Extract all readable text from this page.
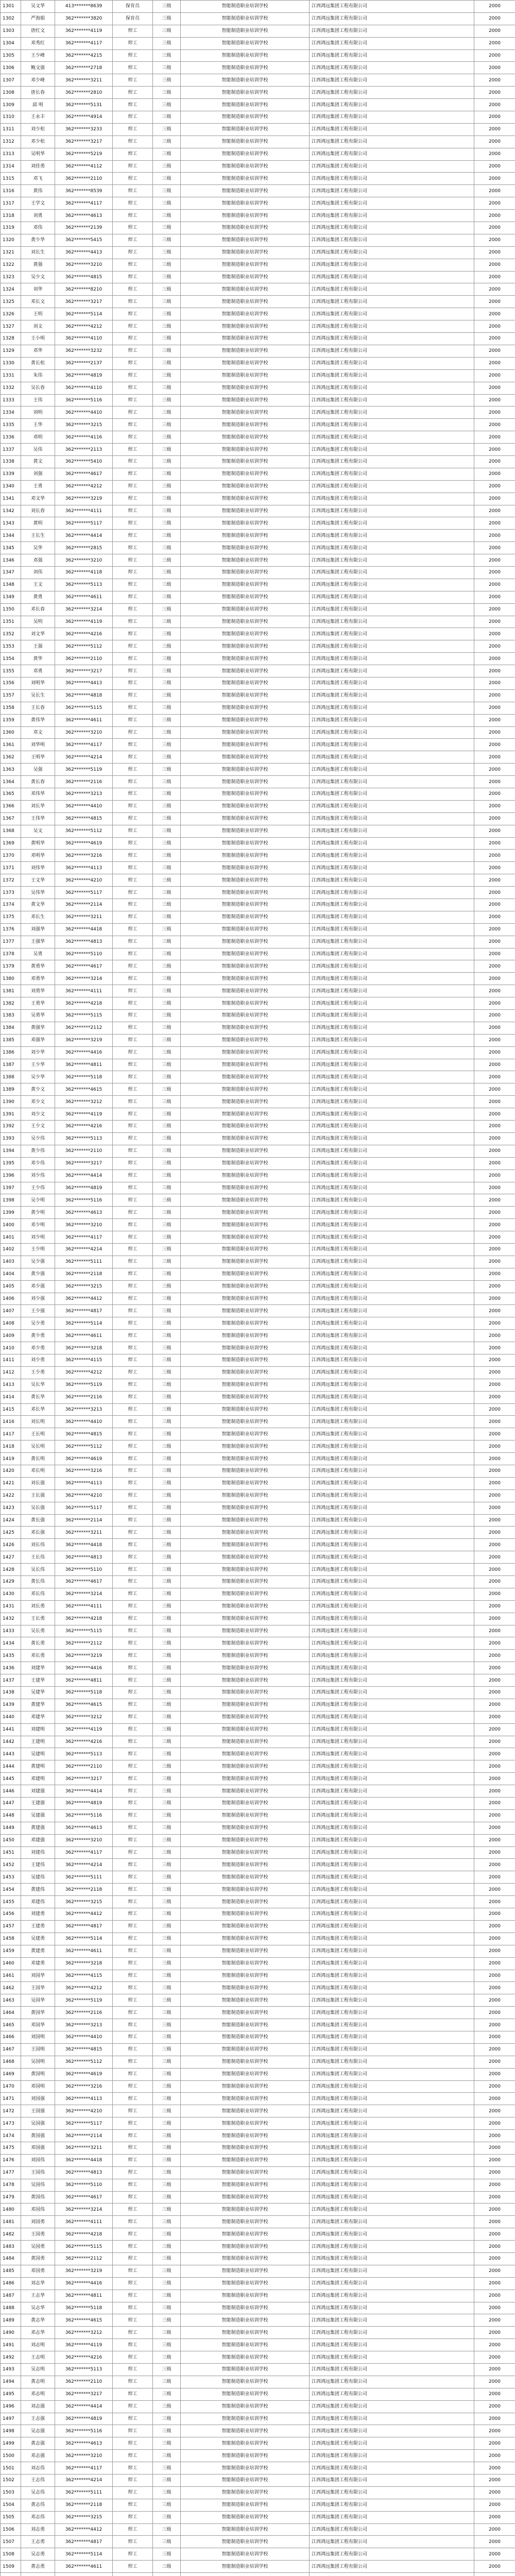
1301	吴文华	413*******8639	保育员	三级	智能制造职业培训学校	江西鸿远集团工程有限公司	2000
1302	严海娟	362*******3820	保育员	三级	智能制造职业培训学校	江西鸿远集团工程有限公司	2000
1303	唐红文	362*******4119	焊工	三级	智能制造职业培训学校	江西鸿远集团工程有限公司	2000
1304	邓秀红	362*******4117	焊工	三级	智能制造职业培训学校	江西鸿远集团工程有限公司	2000
1305	王少峰	362*******4215	焊工	三级	智能制造职业培训学校	江西鸿远集团工程有限公司	2000
1306	鲍文强	362*******2718	焊工	三级	智能制造职业培训学校	江西鸿远集团工程有限公司	2000
1307	邓少峰	362*******3211	焊工	三级	智能制造职业培训学校	江西鸿远集团工程有限公司	2000
1308	唐长春	362*******2810	焊工	三级	智能制造职业培训学校	江西鸿远集团工程有限公司	2000
1309	邱 明	362*******5131	焊工	三级	智能制造职业培训学校	江西鸿远集团工程有限公司	2000
1310	王永丰	362*******4914	焊工	三级	智能制造职业培训学校	江西鸿远集团工程有限公司	2000
1311	刘少松	362*******3233	焊工	三级	智能制造职业培训学校	江西鸿远集团工程有限公司	2000
1312	邓少松	362*******3217	焊工	三级	智能制造职业培训学校	江西鸿远集团工程有限公司	2000
1313	吴明华	362*******5219	焊工	三级	智能制造职业培训学校	江西鸿远集团工程有限公司	2000
1314	刘佳勇	362*******4112	焊工	三级	智能制造职业培训学校	江西鸿远集团工程有限公司	2000
1315	邓飞	362*******2110	焊工	三级	智能制造职业培训学校	江西鸿远集团工程有限公司	2000
1316	黄伟	362*******8539	焊工	三级	智能制造职业培训学校	江西鸿远集团工程有限公司	2000
1317	王学文	362*******4117	焊工	三级	智能制造职业培训学校	江西鸿远集团工程有限公司	2000
1318	刘勇	362*******4613	焊工	三级	智能制造职业培训学校	江西鸿远集团工程有限公司	2000
1319	邓伟	362*******2139	焊工	三级	智能制造职业培训学校	江西鸿远集团工程有限公司	2000
1320	黄少华	362*******5415	焊工	三级	智能制造职业培训学校	江西鸿远集团工程有限公司	2000
1321	刘长生	362*******4413	焊工	三级	智能制造职业培训学校	江西鸿远集团工程有限公司	2000
1322	黄强	362*******3210	焊工	三级	智能制造职业培训学校	江西鸿远集团工程有限公司	2000
1323	吴少文	362*******4815	焊工	三级	智能制造职业培训学校	江西鸿远集团工程有限公司	2000
1324	刘华	362*******8210	焊工	三级	智能制造职业培训学校	江西鸿远集团工程有限公司	2000
1325	邓长文	362*******3217	焊工	三级	智能制造职业培训学校	江西鸿远集团工程有限公司	2000
1326	王明	362*******5114	焊工	三级	智能制造职业培训学校	江西鸿远集团工程有限公司	2000
1327	刘文	362*******4212	焊工	三级	智能制造职业培训学校	江西鸿远集团工程有限公司	2000
1328	王小明	362*******4110	焊工	三级	智能制造职业培训学校	江西鸿远集团工程有限公司	2000
1329	邓华	362*******3232	焊工	三级	智能制造职业培训学校	江西鸿远集团工程有限公司	2000
1330	黄长松	362*******2137	焊工	三级	智能制造职业培训学校	江西鸿远集团工程有限公司	2000
1331	朱伟	362*******4819	焊工	三级	智能制造职业培训学校	江西鸿远集团工程有限公司	2000
1332	吴长春	362*******4110	焊工	三级	智能制造职业培训学校	江西鸿远集团工程有限公司	2000
1333	王伟	362*******5116	焊工	三级	智能制造职业培训学校	江西鸿远集团工程有限公司	2000
1334	刘明	362*******4410	焊工	三级	智能制造职业培训学校	江西鸿远集团工程有限公司	2000
1335	王华	362*******3215	焊工	三级	智能制造职业培训学校	江西鸿远集团工程有限公司	2000
1336	邓明	362*******4116	焊工	三级	智能制造职业培训学校	江西鸿远集团工程有限公司	2000
1337	吴伟	362*******2113	焊工	三级	智能制造职业培训学校	江西鸿远集团工程有限公司	2000
1338	黄文	362*******5410	焊工	三级	智能制造职业培训学校	江西鸿远集团工程有限公司	2000
1339	刘强	362*******4617	焊工	三级	智能制造职业培训学校	江西鸿远集团工程有限公司	2000
1340	王勇	362*******4212	焊工	三级	智能制造职业培训学校	江西鸿远集团工程有限公司	2000
1341	邓文华	362*******3219	焊工	三级	智能制造职业培训学校	江西鸿远集团工程有限公司	2000
1342	刘长春	362*******4111	焊工	三级	智能制造职业培训学校	江西鸿远集团工程有限公司	2000
1343	黄明	362*******5117	焊工	三级	智能制造职业培训学校	江西鸿远集团工程有限公司	2000
1344	王长生	362*******4414	焊工	三级	智能制造职业培训学校	江西鸿远集团工程有限公司	2000
1345	吴华	362*******2815	焊工	三级	智能制造职业培训学校	江西鸿远集团工程有限公司	2000
1346	邓强	362*******3210	焊工	三级	智能制造职业培训学校	江西鸿远集团工程有限公司	2000
1347	刘伟	362*******4118	焊工	三级	智能制造职业培训学校	江西鸿远集团工程有限公司	2000
1348	王文	362*******5113	焊工	三级	智能制造职业培训学校	江西鸿远集团工程有限公司	2000
1349	黄勇	362*******4611	焊工	三级	智能制造职业培训学校	江西鸿远集团工程有限公司	2000
1350	邓长春	362*******3214	焊工	三级	智能制造职业培训学校	江西鸿远集团工程有限公司	2000
1351	吴明	362*******4119	焊工	三级	智能制造职业培训学校	江西鸿远集团工程有限公司	2000
1352	刘文华	362*******4216	焊工	三级	智能制造职业培训学校	江西鸿远集团工程有限公司	2000
1353	王强	362*******5112	焊工	三级	智能制造职业培训学校	江西鸿远集团工程有限公司	2000
1354	黄华	362*******2110	焊工	三级	智能制造职业培训学校	江西鸿远集团工程有限公司	2000
1355	邓勇	362*******3217	焊工	三级	智能制造职业培训学校	江西鸿远集团工程有限公司	2000
1356	刘明华	362*******4413	焊工	三级	智能制造职业培训学校	江西鸿远集团工程有限公司	2000
1357	吴长生	362*******4818	焊工	三级	智能制造职业培训学校	江西鸿远集团工程有限公司	2000
1358	王长春	362*******5115	焊工	三级	智能制造职业培训学校	江西鸿远集团工程有限公司	2000
1359	黄伟华	362*******4611	焊工	三级	智能制造职业培训学校	江西鸿远集团工程有限公司	2000
1360	邓文	362*******3210	焊工	三级	智能制造职业培训学校	江西鸿远集团工程有限公司	2000
1361	刘华明	362*******4117	焊工	三级	智能制造职业培训学校	江西鸿远集团工程有限公司	2000
1362	王明华	362*******4214	焊工	三级	智能制造职业培训学校	江西鸿远集团工程有限公司	2000
1363	吴强	362*******5119	焊工	三级	智能制造职业培训学校	江西鸿远集团工程有限公司	2000
1364	黄长春	362*******2116	焊工	三级	智能制造职业培训学校	江西鸿远集团工程有限公司	2000
1365	邓伟华	362*******3213	焊工	三级	智能制造职业培训学校	江西鸿远集团工程有限公司	2000
1366	刘长华	362*******4410	焊工	三级	智能制造职业培训学校	江西鸿远集团工程有限公司	2000
1367	王伟华	362*******4815	焊工	三级	智能制造职业培训学校	江西鸿远集团工程有限公司	2000
1368	吴文	362*******5112	焊工	三级	智能制造职业培训学校	江西鸿远集团工程有限公司	2000
1369	黄明华	362*******4619	焊工	三级	智能制造职业培训学校	江西鸿远集团工程有限公司	2000
1370	邓明华	362*******3216	焊工	三级	智能制造职业培训学校	江西鸿远集团工程有限公司	2000
1371	刘伟华	362*******4113	焊工	三级	智能制造职业培训学校	江西鸿远集团工程有限公司	2000
1372	王文华	362*******4210	焊工	三级	智能制造职业培训学校	江西鸿远集团工程有限公司	2000
1373	吴伟华	362*******5117	焊工	三级	智能制造职业培训学校	江西鸿远集团工程有限公司	2000
1374	黄文华	362*******2114	焊工	三级	智能制造职业培训学校	江西鸿远集团工程有限公司	2000
1375	邓长生	362*******3211	焊工	三级	智能制造职业培训学校	江西鸿远集团工程有限公司	2000
1376	刘强华	362*******4418	焊工	三级	智能制造职业培训学校	江西鸿远集团工程有限公司	2000
1377	王强华	362*******4813	焊工	三级	智能制造职业培训学校	江西鸿远集团工程有限公司	2000
1378	吴勇	362*******5110	焊工	三级	智能制造职业培训学校	江西鸿远集团工程有限公司	2000
1379	黄勇华	362*******4617	焊工	三级	智能制造职业培训学校	江西鸿远集团工程有限公司	2000
1380	邓勇华	362*******3214	焊工	三级	智能制造职业培训学校	江西鸿远集团工程有限公司	2000
1381	刘勇华	362*******4111	焊工	三级	智能制造职业培训学校	江西鸿远集团工程有限公司	2000
1382	王勇华	362*******4218	焊工	三级	智能制造职业培训学校	江西鸿远集团工程有限公司	2000
1383	吴勇华	362*******5115	焊工	三级	智能制造职业培训学校	江西鸿远集团工程有限公司	2000
1384	黄强华	362*******2112	焊工	三级	智能制造职业培训学校	江西鸿远集团工程有限公司	2000
1385	邓强华	362*******3219	焊工	三级	智能制造职业培训学校	江西鸿远集团工程有限公司	2000
1386	刘少华	362*******4416	焊工	三级	智能制造职业培训学校	江西鸿远集团工程有限公司	2000
1387	王少华	362*******4811	焊工	三级	智能制造职业培训学校	江西鸿远集团工程有限公司	2000
1388	吴少华	362*******5118	焊工	三级	智能制造职业培训学校	江西鸿远集团工程有限公司	2000
1389	黄少文	362*******4615	焊工	三级	智能制造职业培训学校	江西鸿远集团工程有限公司	2000
1390	邓少文	362*******3212	焊工	三级	智能制造职业培训学校	江西鸿远集团工程有限公司	2000
1391	刘少文	362*******4119	焊工	三级	智能制造职业培训学校	江西鸿远集团工程有限公司	2000
1392	王少文	362*******4216	焊工	三级	智能制造职业培训学校	江西鸿远集团工程有限公司	2000
1393	吴少伟	362*******5113	焊工	三级	智能制造职业培训学校	江西鸿远集团工程有限公司	2000
1394	黄少伟	362*******2110	焊工	三级	智能制造职业培训学校	江西鸿远集团工程有限公司	2000
1395	邓少伟	362*******3217	焊工	三级	智能制造职业培训学校	江西鸿远集团工程有限公司	2000
1396	刘少伟	362*******4414	焊工	三级	智能制造职业培训学校	江西鸿远集团工程有限公司	2000
1397	王少伟	362*******4819	焊工	三级	智能制造职业培训学校	江西鸿远集团工程有限公司	2000
1398	吴少明	362*******5116	焊工	三级	智能制造职业培训学校	江西鸿远集团工程有限公司	2000
1399	黄少明	362*******4613	焊工	三级	智能制造职业培训学校	江西鸿远集团工程有限公司	2000
1400	邓少明	362*******3210	焊工	三级	智能制造职业培训学校	江西鸿远集团工程有限公司	2000
1401	刘少明	362*******4117	焊工	三级	智能制造职业培训学校	江西鸿远集团工程有限公司	2000
1402	王少明	362*******4214	焊工	三级	智能制造职业培训学校	江西鸿远集团工程有限公司	2000
1403	吴少强	362*******5111	焊工	三级	智能制造职业培训学校	江西鸿远集团工程有限公司	2000
1404	黄少强	362*******2118	焊工	三级	智能制造职业培训学校	江西鸿远集团工程有限公司	2000
1405	邓少强	362*******3215	焊工	三级	智能制造职业培训学校	江西鸿远集团工程有限公司	2000
1406	刘少强	362*******4412	焊工	三级	智能制造职业培训学校	江西鸿远集团工程有限公司	2000
1407	王少强	362*******4817	焊工	三级	智能制造职业培训学校	江西鸿远集团工程有限公司	2000
1408	吴少勇	362*******5114	焊工	三级	智能制造职业培训学校	江西鸿远集团工程有限公司	2000
1409	黄少勇	362*******4611	焊工	三级	智能制造职业培训学校	江西鸿远集团工程有限公司	2000
1410	邓少勇	362*******3218	焊工	三级	智能制造职业培训学校	江西鸿远集团工程有限公司	2000
1411	刘少勇	362*******4115	焊工	三级	智能制造职业培训学校	江西鸿远集团工程有限公司	2000
1412	王少勇	362*******4212	焊工	三级	智能制造职业培训学校	江西鸿远集团工程有限公司	2000
1413	吴长华	362*******5119	焊工	三级	智能制造职业培训学校	江西鸿远集团工程有限公司	2000
1414	黄长华	362*******2116	焊工	三级	智能制造职业培训学校	江西鸿远集团工程有限公司	2000
1415	邓长华	362*******3213	焊工	三级	智能制造职业培训学校	江西鸿远集团工程有限公司	2000
1416	刘长明	362*******4410	焊工	三级	智能制造职业培训学校	江西鸿远集团工程有限公司	2000
1417	王长明	362*******4815	焊工	三级	智能制造职业培训学校	江西鸿远集团工程有限公司	2000
1418	吴长明	362*******5112	焊工	三级	智能制造职业培训学校	江西鸿远集团工程有限公司	2000
1419	黄长明	362*******4619	焊工	三级	智能制造职业培训学校	江西鸿远集团工程有限公司	2000
1420	邓长明	362*******3216	焊工	三级	智能制造职业培训学校	江西鸿远集团工程有限公司	2000
1421	刘长强	362*******4113	焊工	三级	智能制造职业培训学校	江西鸿远集团工程有限公司	2000
1422	王长强	362*******4210	焊工	三级	智能制造职业培训学校	江西鸿远集团工程有限公司	2000
1423	吴长强	362*******5117	焊工	三级	智能制造职业培训学校	江西鸿远集团工程有限公司	2000
1424	黄长强	362*******2114	焊工	三级	智能制造职业培训学校	江西鸿远集团工程有限公司	2000
1425	邓长强	362*******3211	焊工	三级	智能制造职业培训学校	江西鸿远集团工程有限公司	2000
1426	刘长伟	362*******4418	焊工	三级	智能制造职业培训学校	江西鸿远集团工程有限公司	2000
1427	王长伟	362*******4813	焊工	三级	智能制造职业培训学校	江西鸿远集团工程有限公司	2000
1428	吴长伟	362*******5110	焊工	三级	智能制造职业培训学校	江西鸿远集团工程有限公司	2000
1429	黄长伟	362*******4617	焊工	三级	智能制造职业培训学校	江西鸿远集团工程有限公司	2000
1430	邓长伟	362*******3214	焊工	三级	智能制造职业培训学校	江西鸿远集团工程有限公司	2000
1431	刘长勇	362*******4111	焊工	三级	智能制造职业培训学校	江西鸿远集团工程有限公司	2000
1432	王长勇	362*******4218	焊工	三级	智能制造职业培训学校	江西鸿远集团工程有限公司	2000
1433	吴长勇	362*******5115	焊工	三级	智能制造职业培训学校	江西鸿远集团工程有限公司	2000
1434	黄长勇	362*******2112	焊工	三级	智能制造职业培训学校	江西鸿远集团工程有限公司	2000
1435	邓长勇	362*******3219	焊工	三级	智能制造职业培训学校	江西鸿远集团工程有限公司	2000
1436	刘建华	362*******4416	焊工	三级	智能制造职业培训学校	江西鸿远集团工程有限公司	2000
1437	王建华	362*******4811	焊工	三级	智能制造职业培训学校	江西鸿远集团工程有限公司	2000
1438	吴建华	362*******5118	焊工	三级	智能制造职业培训学校	江西鸿远集团工程有限公司	2000
1439	黄建华	362*******4615	焊工	三级	智能制造职业培训学校	江西鸿远集团工程有限公司	2000
1440	邓建华	362*******3212	焊工	三级	智能制造职业培训学校	江西鸿远集团工程有限公司	2000
1441	刘建明	362*******4119	焊工	三级	智能制造职业培训学校	江西鸿远集团工程有限公司	2000
1442	王建明	362*******4216	焊工	三级	智能制造职业培训学校	江西鸿远集团工程有限公司	2000
1443	吴建明	362*******5113	焊工	三级	智能制造职业培训学校	江西鸿远集团工程有限公司	2000
1444	黄建明	362*******2110	焊工	三级	智能制造职业培训学校	江西鸿远集团工程有限公司	2000
1445	邓建明	362*******3217	焊工	三级	智能制造职业培训学校	江西鸿远集团工程有限公司	2000
1446	刘建强	362*******4414	焊工	三级	智能制造职业培训学校	江西鸿远集团工程有限公司	2000
1447	王建强	362*******4819	焊工	三级	智能制造职业培训学校	江西鸿远集团工程有限公司	2000
1448	吴建强	362*******5116	焊工	三级	智能制造职业培训学校	江西鸿远集团工程有限公司	2000
1449	黄建强	362*******4613	焊工	三级	智能制造职业培训学校	江西鸿远集团工程有限公司	2000
1450	邓建强	362*******3210	焊工	三级	智能制造职业培训学校	江西鸿远集团工程有限公司	2000
1451	刘建伟	362*******4117	焊工	三级	智能制造职业培训学校	江西鸿远集团工程有限公司	2000
1452	王建伟	362*******4214	焊工	三级	智能制造职业培训学校	江西鸿远集团工程有限公司	2000
1453	吴建伟	362*******5111	焊工	三级	智能制造职业培训学校	江西鸿远集团工程有限公司	2000
1454	黄建伟	362*******2118	焊工	三级	智能制造职业培训学校	江西鸿远集团工程有限公司	2000
1455	邓建伟	362*******3215	焊工	三级	智能制造职业培训学校	江西鸿远集团工程有限公司	2000
1456	刘建勇	362*******4412	焊工	三级	智能制造职业培训学校	江西鸿远集团工程有限公司	2000
1457	王建勇	362*******4817	焊工	三级	智能制造职业培训学校	江西鸿远集团工程有限公司	2000
1458	吴建勇	362*******5114	焊工	三级	智能制造职业培训学校	江西鸿远集团工程有限公司	2000
1459	黄建勇	362*******4611	焊工	三级	智能制造职业培训学校	江西鸿远集团工程有限公司	2000
1460	邓建勇	362*******3218	焊工	三级	智能制造职业培训学校	江西鸿远集团工程有限公司	2000
1461	刘国华	362*******4115	焊工	三级	智能制造职业培训学校	江西鸿远集团工程有限公司	2000
1462	王国华	362*******4212	焊工	三级	智能制造职业培训学校	江西鸿远集团工程有限公司	2000
1463	吴国华	362*******5119	焊工	三级	智能制造职业培训学校	江西鸿远集团工程有限公司	2000
1464	黄国华	362*******2116	焊工	三级	智能制造职业培训学校	江西鸿远集团工程有限公司	2000
1465	邓国华	362*******3213	焊工	三级	智能制造职业培训学校	江西鸿远集团工程有限公司	2000
1466	刘国明	362*******4410	焊工	三级	智能制造职业培训学校	江西鸿远集团工程有限公司	2000
1467	王国明	362*******4815	焊工	三级	智能制造职业培训学校	江西鸿远集团工程有限公司	2000
1468	吴国明	362*******5112	焊工	三级	智能制造职业培训学校	江西鸿远集团工程有限公司	2000
1469	黄国明	362*******4619	焊工	三级	智能制造职业培训学校	江西鸿远集团工程有限公司	2000
1470	邓国明	362*******3216	焊工	三级	智能制造职业培训学校	江西鸿远集团工程有限公司	2000
1471	刘国强	362*******4113	焊工	三级	智能制造职业培训学校	江西鸿远集团工程有限公司	2000
1472	王国强	362*******4210	焊工	三级	智能制造职业培训学校	江西鸿远集团工程有限公司	2000
1473	吴国强	362*******5117	焊工	三级	智能制造职业培训学校	江西鸿远集团工程有限公司	2000
1474	黄国强	362*******2114	焊工	三级	智能制造职业培训学校	江西鸿远集团工程有限公司	2000
1475	邓国强	362*******3211	焊工	三级	智能制造职业培训学校	江西鸿远集团工程有限公司	2000
1476	刘国伟	362*******4418	焊工	三级	智能制造职业培训学校	江西鸿远集团工程有限公司	2000
1477	王国伟	362*******4813	焊工	三级	智能制造职业培训学校	江西鸿远集团工程有限公司	2000
1478	吴国伟	362*******5110	焊工	三级	智能制造职业培训学校	江西鸿远集团工程有限公司	2000
1479	黄国伟	362*******4617	焊工	三级	智能制造职业培训学校	江西鸿远集团工程有限公司	2000
1480	邓国伟	362*******3214	焊工	三级	智能制造职业培训学校	江西鸿远集团工程有限公司	2000
1481	刘国勇	362*******4111	焊工	三级	智能制造职业培训学校	江西鸿远集团工程有限公司	2000
1482	王国勇	362*******4218	焊工	三级	智能制造职业培训学校	江西鸿远集团工程有限公司	2000
1483	吴国勇	362*******5115	焊工	三级	智能制造职业培训学校	江西鸿远集团工程有限公司	2000
1484	黄国勇	362*******2112	焊工	三级	智能制造职业培训学校	江西鸿远集团工程有限公司	2000
1485	邓国勇	362*******3219	焊工	三级	智能制造职业培训学校	江西鸿远集团工程有限公司	2000
1486	刘志华	362*******4416	焊工	三级	智能制造职业培训学校	江西鸿远集团工程有限公司	2000
1487	王志华	362*******4811	焊工	三级	智能制造职业培训学校	江西鸿远集团工程有限公司	2000
1488	吴志华	362*******5118	焊工	三级	智能制造职业培训学校	江西鸿远集团工程有限公司	2000
1489	黄志华	362*******4615	焊工	三级	智能制造职业培训学校	江西鸿远集团工程有限公司	2000
1490	邓志华	362*******3212	焊工	三级	智能制造职业培训学校	江西鸿远集团工程有限公司	2000
1491	刘志明	362*******4119	焊工	三级	智能制造职业培训学校	江西鸿远集团工程有限公司	2000
1492	王志明	362*******4216	焊工	三级	智能制造职业培训学校	江西鸿远集团工程有限公司	2000
1493	吴志明	362*******5113	焊工	三级	智能制造职业培训学校	江西鸿远集团工程有限公司	2000
1494	黄志明	362*******2110	焊工	三级	智能制造职业培训学校	江西鸿远集团工程有限公司	2000
1495	邓志明	362*******3217	焊工	三级	智能制造职业培训学校	江西鸿远集团工程有限公司	2000
1496	刘志强	362*******4414	焊工	三级	智能制造职业培训学校	江西鸿远集团工程有限公司	2000
1497	王志强	362*******4819	焊工	三级	智能制造职业培训学校	江西鸿远集团工程有限公司	2000
1498	吴志强	362*******5116	焊工	三级	智能制造职业培训学校	江西鸿远集团工程有限公司	2000
1499	黄志强	362*******4613	焊工	三级	智能制造职业培训学校	江西鸿远集团工程有限公司	2000
1500	邓志强	362*******3210	焊工	三级	智能制造职业培训学校	江西鸿远集团工程有限公司	2000
1501	刘志伟	362*******4117	焊工	三级	智能制造职业培训学校	江西鸿远集团工程有限公司	2000
1502	王志伟	362*******4214	焊工	三级	智能制造职业培训学校	江西鸿远集团工程有限公司	2000
1503	吴志伟	362*******5111	焊工	三级	智能制造职业培训学校	江西鸿远集团工程有限公司	2000
1504	黄志伟	362*******2118	焊工	三级	智能制造职业培训学校	江西鸿远集团工程有限公司	2000
1505	邓志伟	362*******3215	焊工	三级	智能制造职业培训学校	江西鸿远集团工程有限公司	2000
1506	刘志勇	362*******4412	焊工	三级	智能制造职业培训学校	江西鸿远集团工程有限公司	2000
1507	王志勇	362*******4817	焊工	三级	智能制造职业培训学校	江西鸿远集团工程有限公司	2000
1508	吴志勇	362*******5114	焊工	三级	智能制造职业培训学校	江西鸿远集团工程有限公司	2000
1509	黄志勇	362*******4611	焊工	三级	智能制造职业培训学校	江西鸿远集团工程有限公司	2000
